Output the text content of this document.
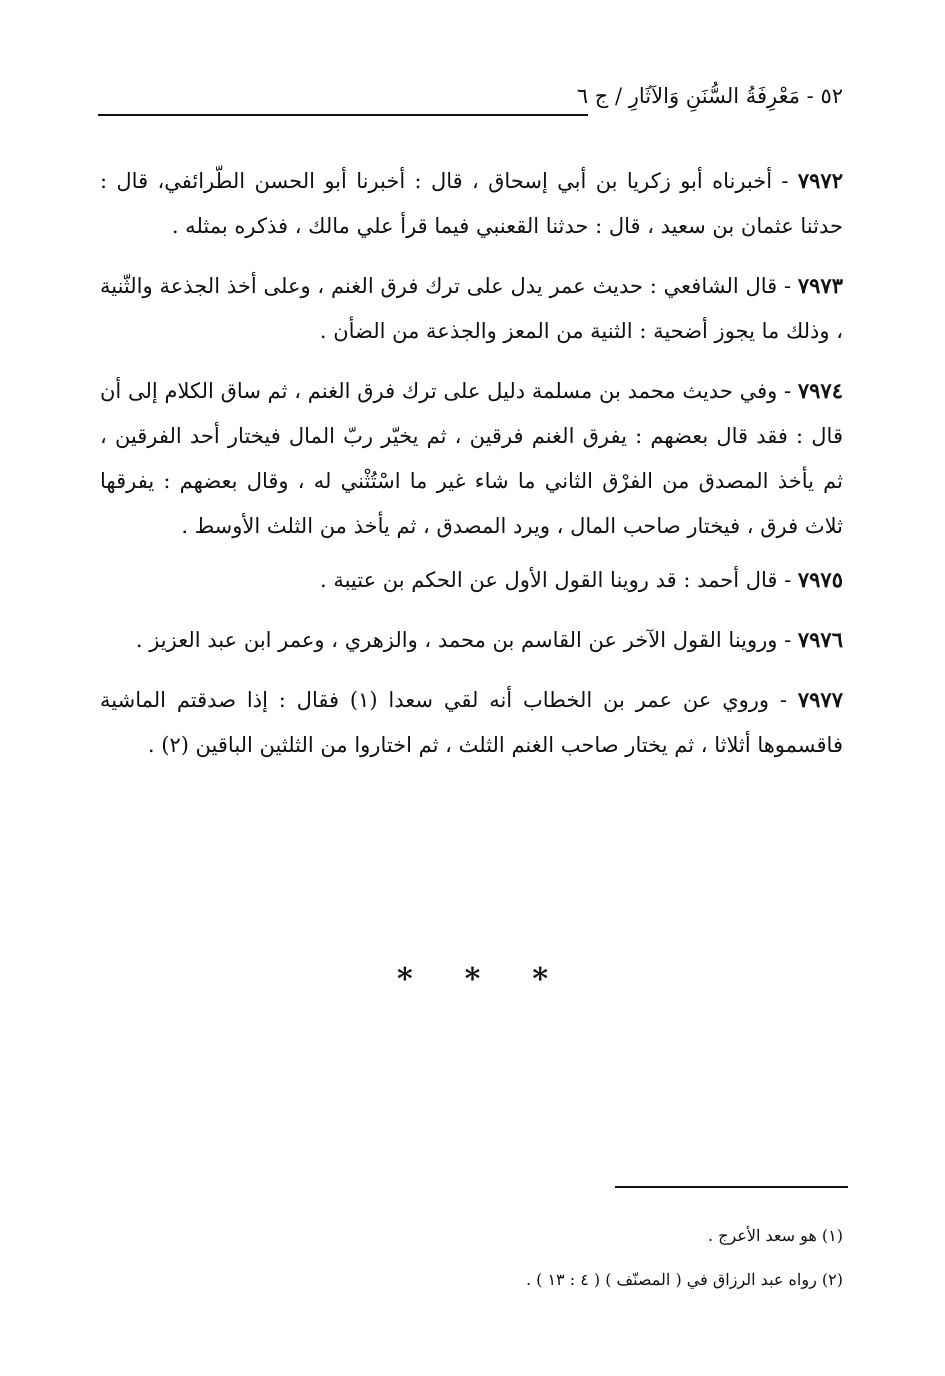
٥٢ - مَعْرِفَةُ السُّنَنِ وَالآثَارِ / ج ٦

٧٩٧٢ - أخبرناه أبو زكريا بن أبي إسحاق ، قال : أخبرنا أبو الحسن الطّرائفي، قال : حدثنا عثمان بن سعيد ، قال : حدثنا القعنبي فيما قرأ علي مالك ، فذكره بمثله .

٧٩٧٣ - قال الشافعي : حديث عمر يدل على ترك فرق الغنم ، وعلى أخذ الجذعة والثّنية ، وذلك ما يجوز أضحية : الثنية من المعز والجذعة من الضأن .

٧٩٧٤ - وفي حديث محمد بن مسلمة دليل على ترك فرق الغنم ، ثم ساق الكلام إلى أن قال : فقد قال بعضهم : يفرق الغنم فرقين ، ثم يخيّر ربّ المال فيختار أحد الفرقين ، ثم يأخذ المصدق من الفرْق الثاني ما شاء غير ما اسْتُثْني له ، وقال بعضهم : يفرقها ثلاث فرق ، فيختار صاحب المال ، ويرد المصدق ، ثم يأخذ من الثلث الأوسط .

٧٩٧٥ - قال أحمد : قد روينا القول الأول عن الحكم بن عتيبة .

٧٩٧٦ - وروينا القول الآخر عن القاسم بن محمد ، والزهري ، وعمر ابن عبد العزيز .

٧٩٧٧ - وروي عن عمر بن الخطاب أنه لقي سعدا (١) فقال : إذا صدقتم الماشية فاقسموها أثلاثا ، ثم يختار صاحب الغنم الثلث ، ثم اختاروا من الثلثين الباقين (٢) .

* * *

(١) هو سعد الأعرج .

(٢) رواه عبد الرزاق في ( المصنّف ) ( ٤ : ١٣ ) .
